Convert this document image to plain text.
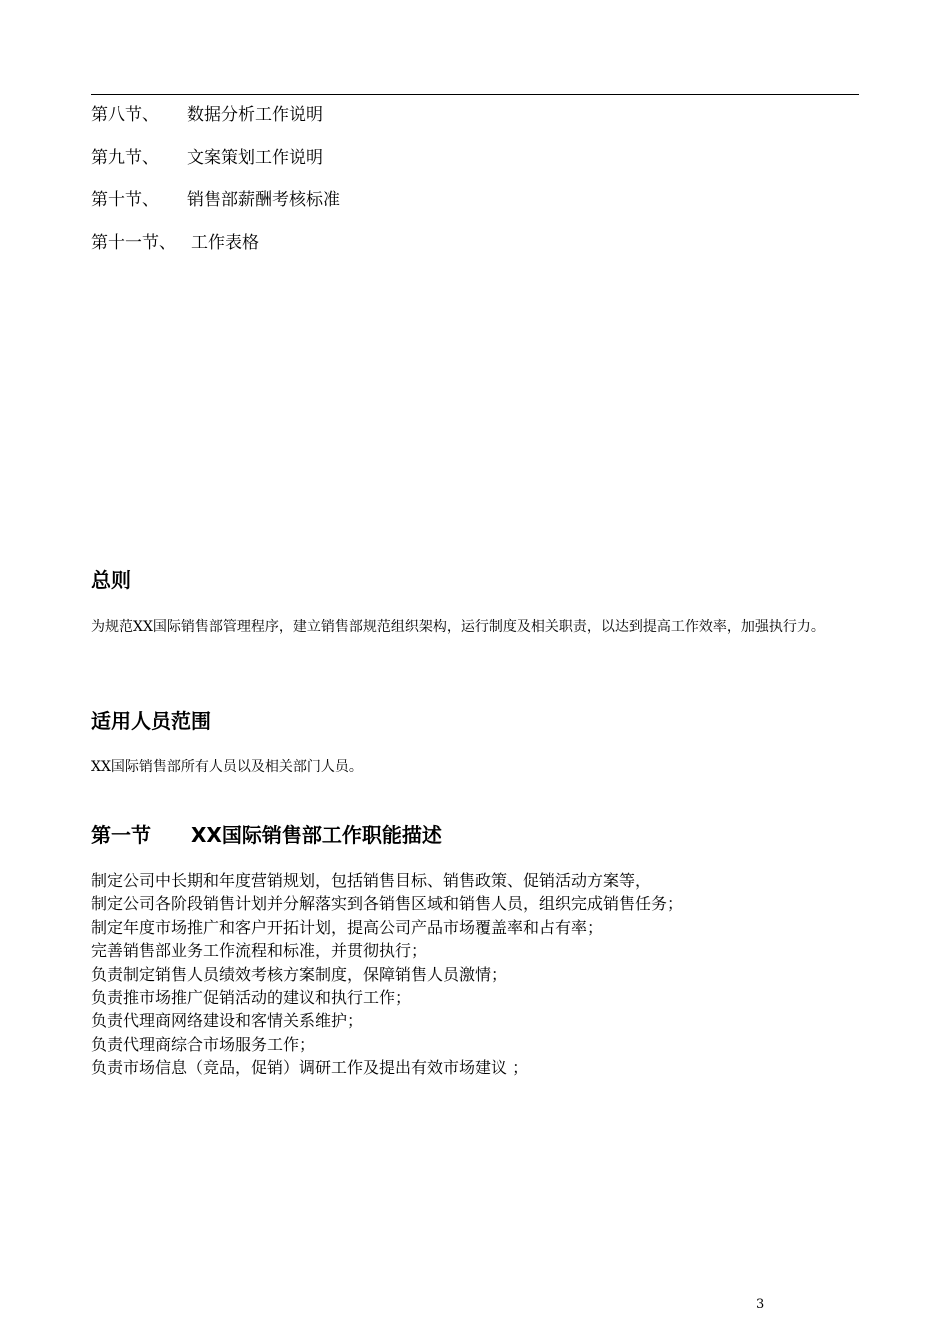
第八节、 数据分析工作说明
第九节、 文案策划工作说明
第十节、 销售部薪酬考核标准
第十一节、 工作表格
总则
为规范XX国际销售部管理程序，建立销售部规范组织架构，运行制度及相关职责，以达到提高工作效率，加强执行力。
适用人员范围
XX国际销售部所有人员以及相关部门人员。
第一节 XX国际销售部工作职能描述
制定公司中长期和年度营销规划，包括销售目标、销售政策、促销活动方案等，
制定公司各阶段销售计划并分解落实到各销售区域和销售人员，组织完成销售任务；
制定年度市场推广和客户开拓计划，提高公司产品市场覆盖率和占有率；
完善销售部业务工作流程和标准，并贯彻执行；
负责制定销售人员绩效考核方案制度，保障销售人员激情；
负责推市场推广促销活动的建议和执行工作；
负责代理商网络建设和客情关系维护；
负责代理商综合市场服务工作；
负责市场信息（竞品，促销）调研工作及提出有效市场建议 ；
3
